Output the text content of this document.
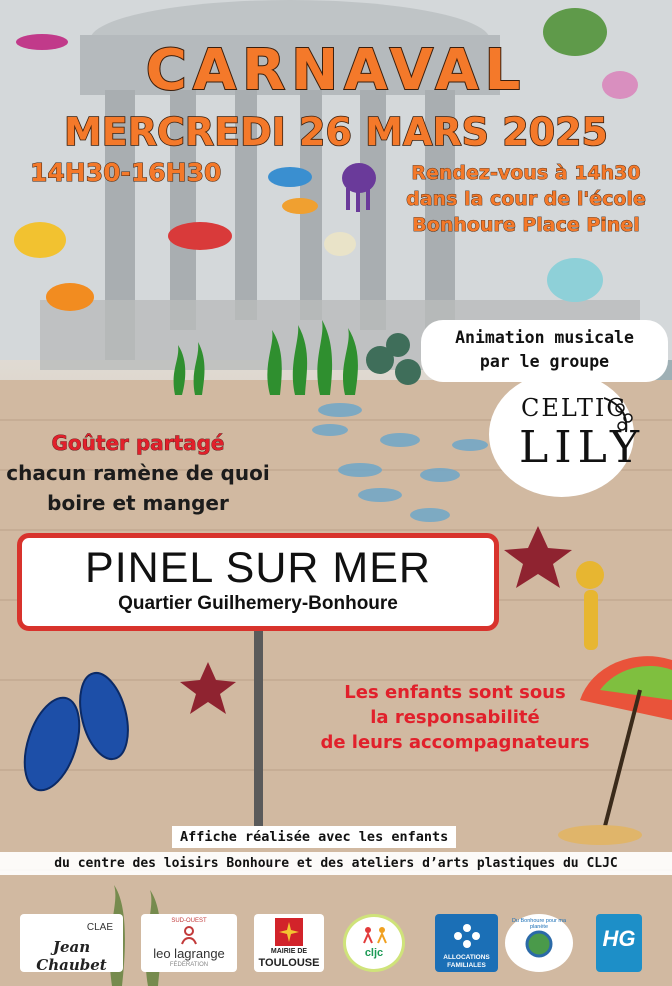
CARNAVAL
MERCREDI 26 MARS 2025

14H30-16H30	Rendez-vous à 14h30
dans la cour de l'école
Bonhoure Place Pinel
Animation musicale
par le groupe
CELTIC
LILY
Goûter partagé
chacun ramène de quoi
boire et manger
PINEL SUR MER
Quartier Guilhemery-Bonhoure
Les enfants sont sous
la responsabilité
de leurs accompagnateurs

Affiche réalisée avec les enfants

du centre des loisirs Bonhoure et des ateliers d’arts plastiques du CLJC

CLAE
Jean Chaubet
SUD-OUEST
leo lagrange
FÉDÉRATION
MAIRIE DE
TOULOUSE
cljc	ALLOCATIONS FAMILIALES
Du Bonhoure pour ma planète	HG
